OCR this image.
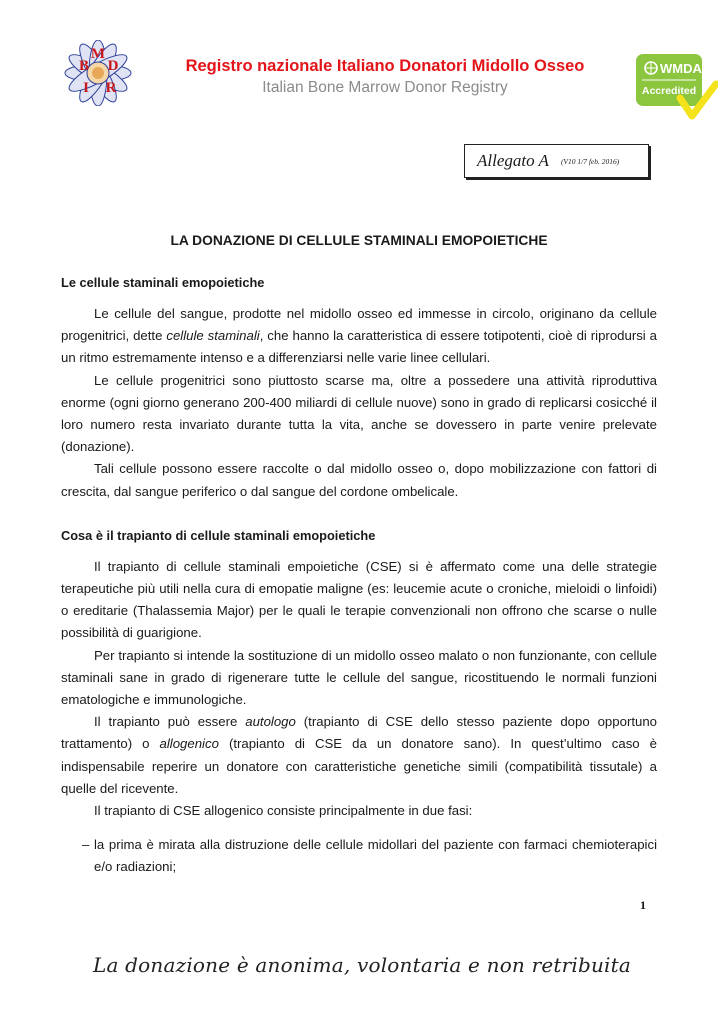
B
M
D
I R

Registro nazionale Italiano Donatori Midollo Osseo

Italian Bone Marrow Donor Registry

WMDA
Accredited
Allegato A (V10 1/7 feb. 2016)
LA DONAZIONE DI CELLULE STAMINALI EMOPOIETICHE
Le cellule staminali emopoietiche

Le cellule del sangue, prodotte nel midollo osseo ed immesse in circolo, originano da cellule progenitrici, dette cellule staminali, che hanno la caratteristica di essere totipotenti, cioè di riprodursi a un ritmo estremamente intenso e a differenziarsi nelle varie linee cellulari.

Le cellule progenitrici sono piuttosto scarse ma, oltre a possedere una attività riproduttiva enorme (ogni giorno generano 200-400 miliardi di cellule nuove) sono in grado di replicarsi cosicché il loro numero resta invariato durante tutta la vita, anche se dovessero in parte venire prelevate (donazione).

Tali cellule possono essere raccolte o dal midollo osseo o, dopo mobilizzazione con fattori di crescita, dal sangue periferico o dal sangue del cordone ombelicale.

Cosa è il trapianto di cellule staminali emopoietiche

Il trapianto di cellule staminali empoietiche (CSE) si è affermato come una delle strategie terapeutiche più utili nella cura di emopatie maligne (es: leucemie acute o croniche, mieloidi o linfoidi) o ereditarie (Thalassemia Major) per le quali le terapie convenzionali non offrono che scarse o nulle possibilità di guarigione.

Per trapianto si intende la sostituzione di un midollo osseo malato o non funzionante, con cellule staminali sane in grado di rigenerare tutte le cellule del sangue, ricostituendo le normali funzioni ematologiche e immunologiche.

Il trapianto può essere autologo (trapianto di CSE dello stesso paziente dopo opportuno trattamento) o allogenico (trapianto di CSE da un donatore sano). In quest’ultimo caso è indispensabile reperire un donatore con caratteristiche genetiche simili (compatibilità tissutale) a quelle del ricevente.

Il trapianto di CSE allogenico consiste principalmente in due fasi:

– la prima è mirata alla distruzione delle cellule midollari del paziente con farmaci chemioterapici e/o radiazioni;
1
La donazione è anonima, volontaria e non retribuita
